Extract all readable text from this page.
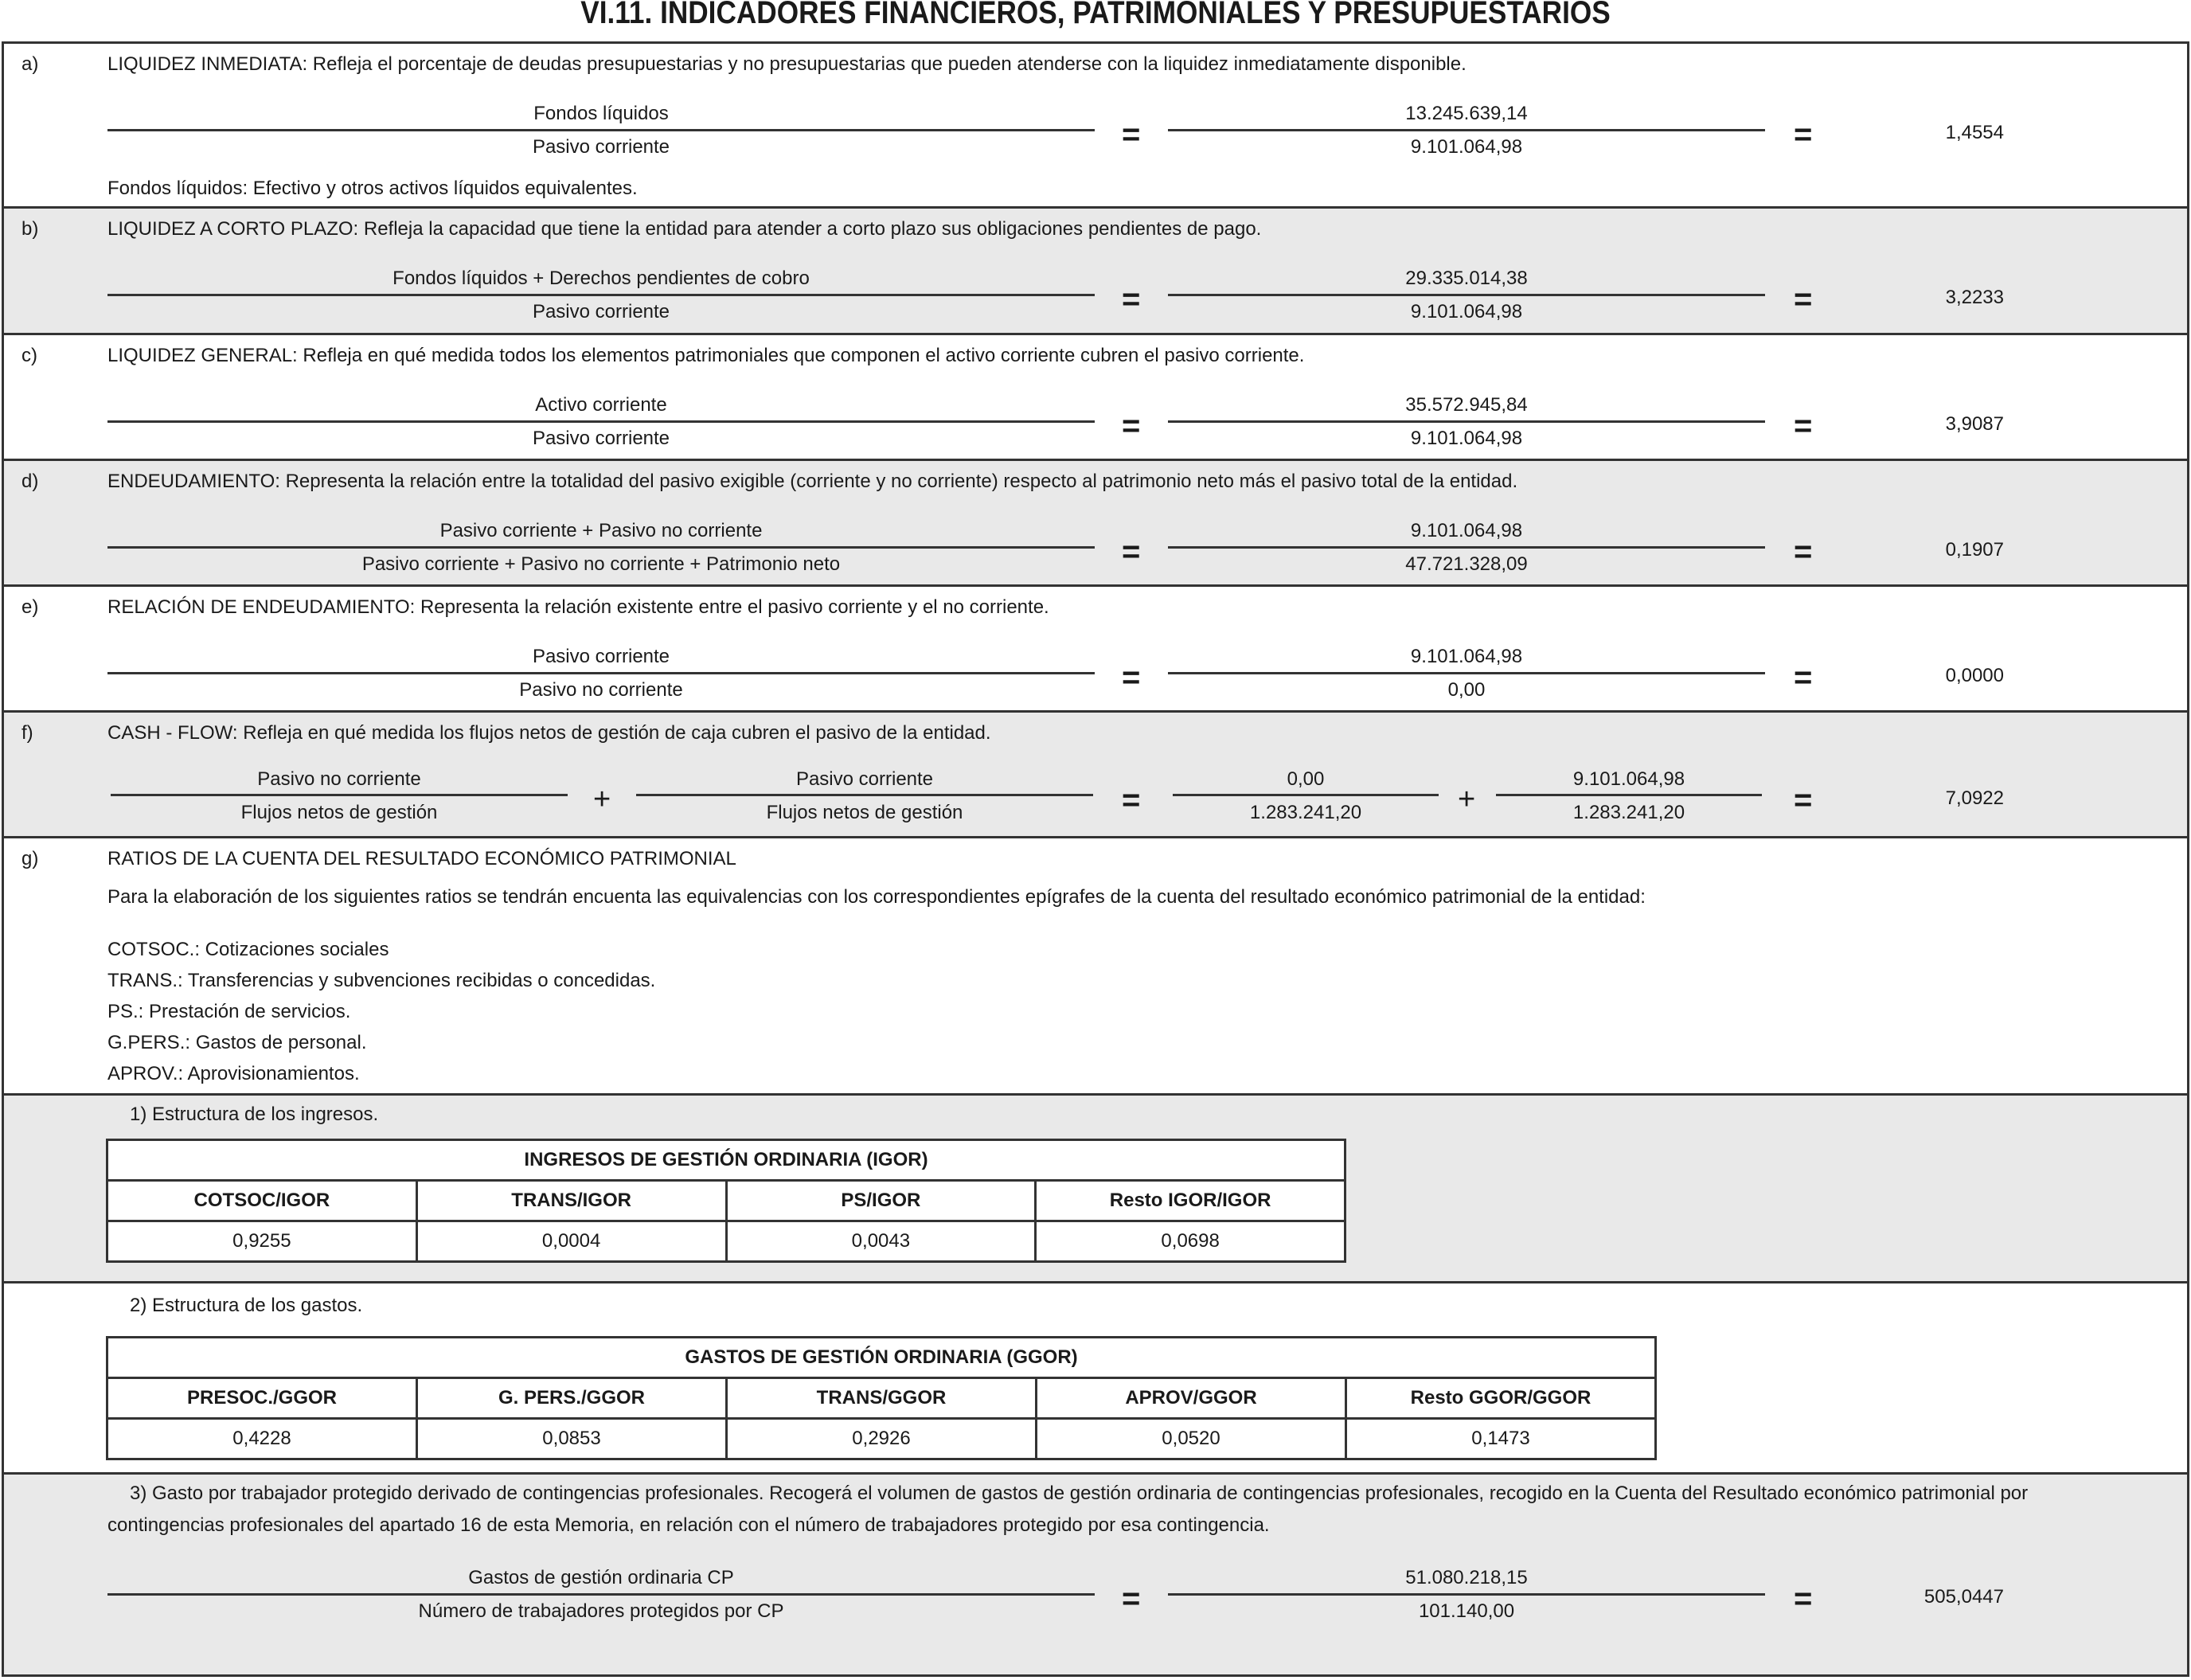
VI.11. INDICADORES FINANCIEROS, PATRIMONIALES Y PRESUPUESTARIOS
a)	LIQUIDEZ INMEDIATA: Refleja el porcentaje de deudas presupuestarias y no presupuestarias que pueden atenderse con la liquidez inmediatamente disponible.
Fondos líquidos
Pasivo corriente	=
13.245.639,14
9.101.064,98	=	1,4554
Fondos líquidos: Efectivo y otros activos líquidos equivalentes.
b)	LIQUIDEZ A CORTO PLAZO: Refleja la capacidad que tiene la entidad para atender a corto plazo sus obligaciones pendientes de pago.
Fondos líquidos + Derechos pendientes de cobro
Pasivo corriente	=
29.335.014,38
9.101.064,98	=	3,2233
c)	LIQUIDEZ GENERAL: Refleja en qué medida todos los elementos patrimoniales que componen el activo corriente cubren el pasivo corriente.
Activo corriente
Pasivo corriente	=
35.572.945,84
9.101.064,98	=	3,9087
d)	ENDEUDAMIENTO: Representa la relación entre la totalidad del pasivo exigible (corriente y no corriente) respecto al patrimonio neto más el pasivo total de la entidad.
Pasivo corriente + Pasivo no corriente
Pasivo corriente + Pasivo no corriente + Patrimonio neto	=
9.101.064,98
47.721.328,09	=	0,1907
e)	RELACIÓN DE ENDEUDAMIENTO: Representa la relación existente entre el pasivo corriente y el no corriente.
Pasivo corriente
Pasivo no corriente	=
9.101.064,98
0,00	=	0,0000
f)	CASH - FLOW: Refleja en qué medida los flujos netos de gestión de caja cubren el pasivo de la entidad.
Pasivo no corriente
Flujos netos de gestión	+
Pasivo corriente
Flujos netos de gestión	=
0,00
1.283.241,20	+
9.101.064,98
1.283.241,20	=	7,0922
g)	RATIOS DE LA CUENTA DEL RESULTADO ECONÓMICO PATRIMONIAL
Para la elaboración de los siguientes ratios se tendrán encuenta las equivalencias con los correspondientes epígrafes de la cuenta del resultado económico patrimonial de la entidad:
COTSOC.: Cotizaciones sociales
TRANS.: Transferencias y subvenciones recibidas o concedidas.
PS.: Prestación de servicios.
G.PERS.: Gastos de personal.
APROV.: Aprovisionamientos.
1) Estructura de los ingresos.
INGRESOS DE GESTIÓN ORDINARIA (IGOR)			
COTSOC/IGOR	TRANS/IGOR	PS/IGOR	Resto IGOR/IGOR
0,9255	0,0004	0,0043	0,0698
2) Estructura de los gastos.
GASTOS DE GESTIÓN ORDINARIA (GGOR)				
PRESOC./GGOR	G. PERS./GGOR	TRANS/GGOR	APROV/GGOR	Resto GGOR/GGOR
0,4228	0,0853	0,2926	0,0520	0,1473
3) Gasto por trabajador protegido derivado de contingencias profesionales. Recogerá el volumen de gastos de gestión ordinaria de contingencias profesionales, recogido en la Cuenta del Resultado económico patrimonial por
contingencias profesionales del apartado 16 de esta Memoria, en relación con el número de trabajadores protegido por esa contingencia.
Gastos de gestión ordinaria CP
Número de trabajadores protegidos por CP	=
51.080.218,15
101.140,00	=	505,0447
